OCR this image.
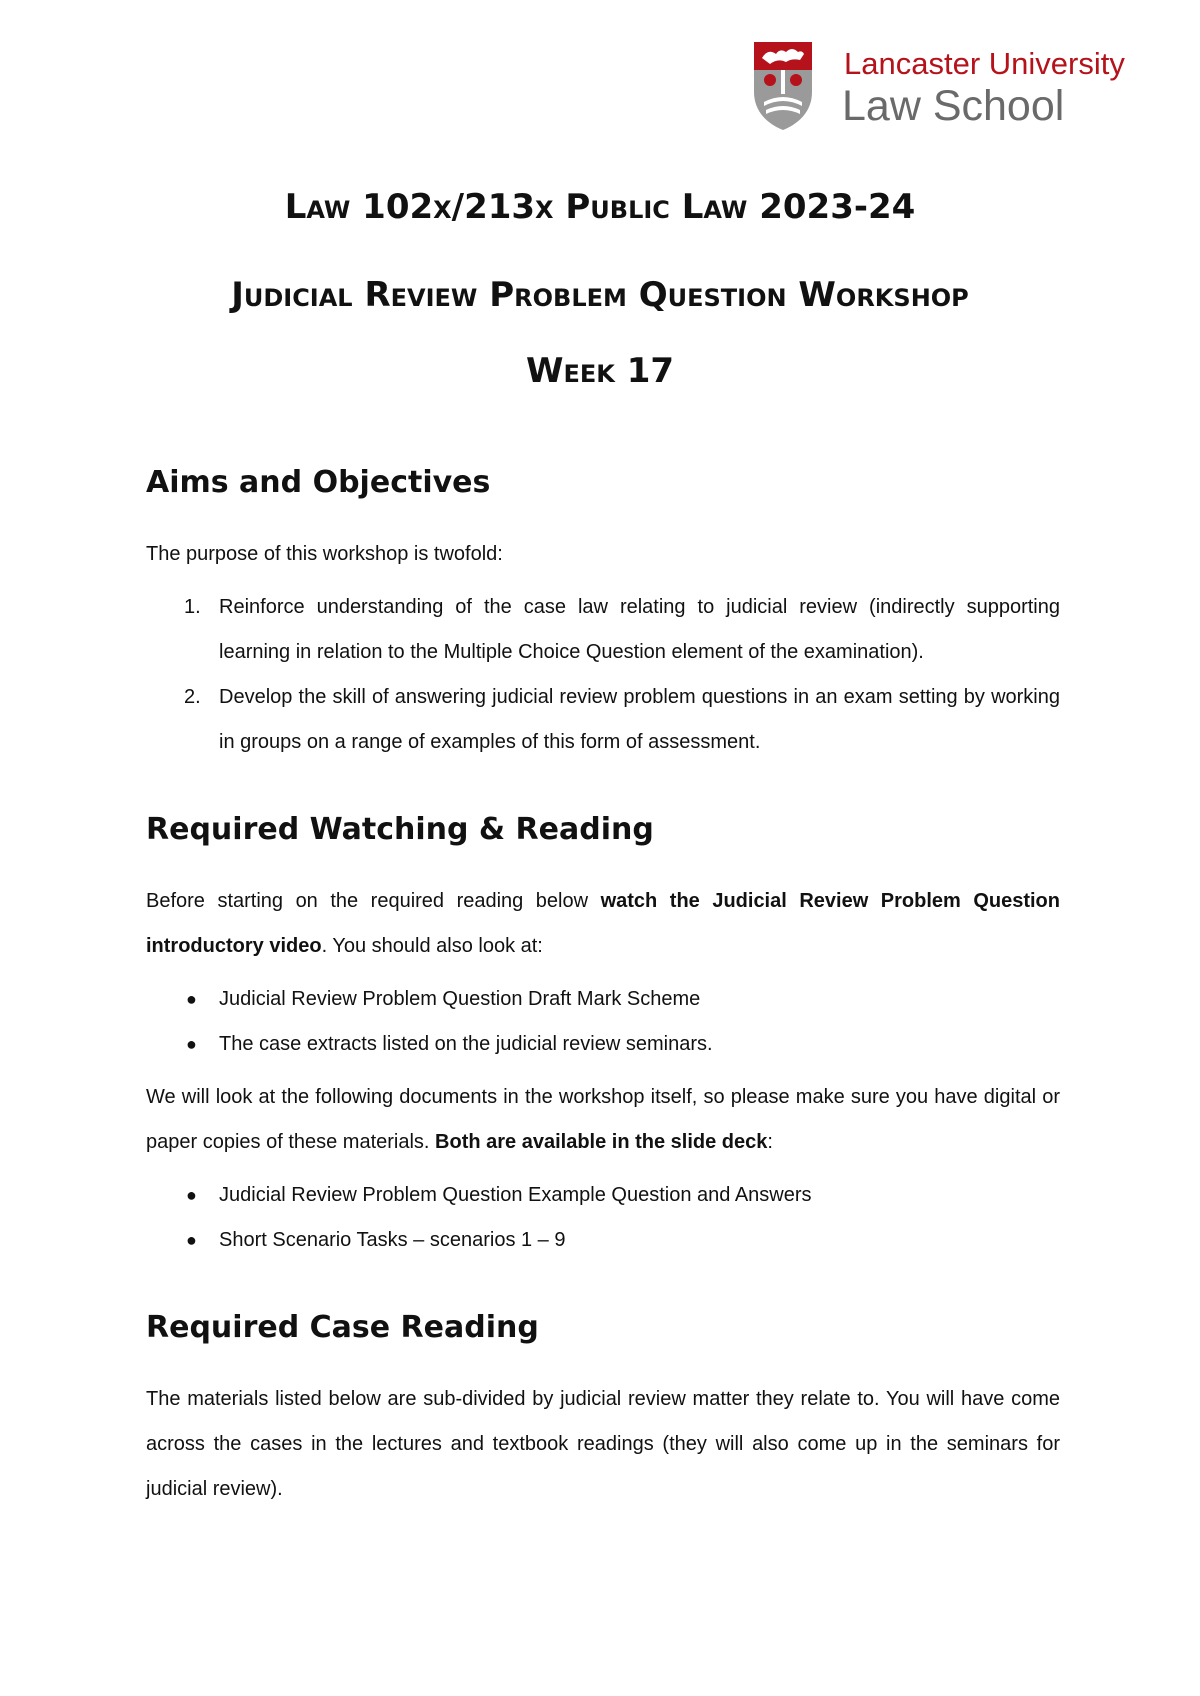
Lancaster University
Law School
Law 102x/213x Public Law 2023-24
Judicial Review Problem Question Workshop
Week 17
Aims and Objectives

The purpose of this workshop is twofold:

1. Reinforce understanding of the case law relating to judicial review (indirectly supporting learning in relation to the Multiple Choice Question element of the examination).
2. Develop the skill of answering judicial review problem questions in an exam setting by working in groups on a range of examples of this form of assessment.
Required Watching & Reading

Before starting on the required reading below watch the Judicial Review Problem Question introductory video. You should also look at:

● Judicial Review Problem Question Draft Mark Scheme
● The case extracts listed on the judicial review seminars.

We will look at the following documents in the workshop itself, so please make sure you have digital or paper copies of these materials. Both are available in the slide deck:

● Judicial Review Problem Question Example Question and Answers
● Short Scenario Tasks – scenarios 1 – 9
Required Case Reading

The materials listed below are sub-divided by judicial review matter they relate to. You will have come across the cases in the lectures and textbook readings (they will also come up in the seminars for judicial review).
